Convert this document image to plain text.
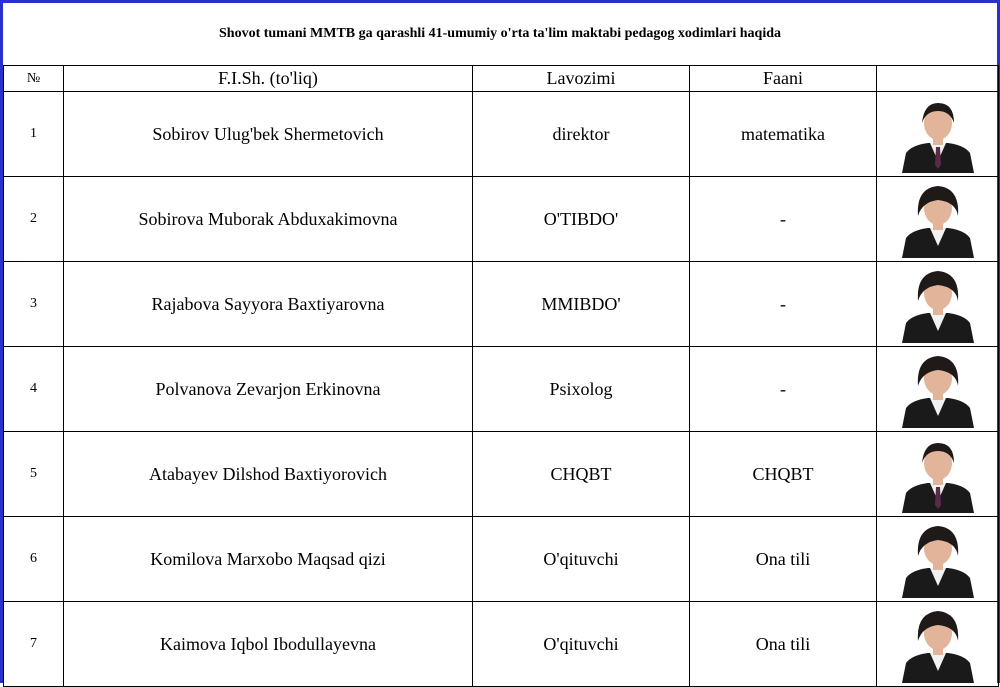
Shovot tumani MMTB ga qarashli 41-umumiy o'rta ta'lim maktabi pedagog xodimlari haqida
№	F.I.Sh. (to'liq)	Lavozimi	Faani	
1	Sobirov Ulug'bek Shermetovich	direktor	matematika	

2	Sobirova Muborak Abduxakimovna	O'TIBDO'	-	

3	Rajabova Sayyora Baxtiyarovna	MMIBDO'	-	

4	Polvanova Zevarjon Erkinovna	Psixolog	-	

5	Atabayev Dilshod Baxtiyorovich	CHQBT	CHQBT	

6	Komilova Marxobo Maqsad qizi	O'qituvchi	Ona tili	

7	Kaimova Iqbol Ibodullayevna	O'qituvchi	Ona tili	
